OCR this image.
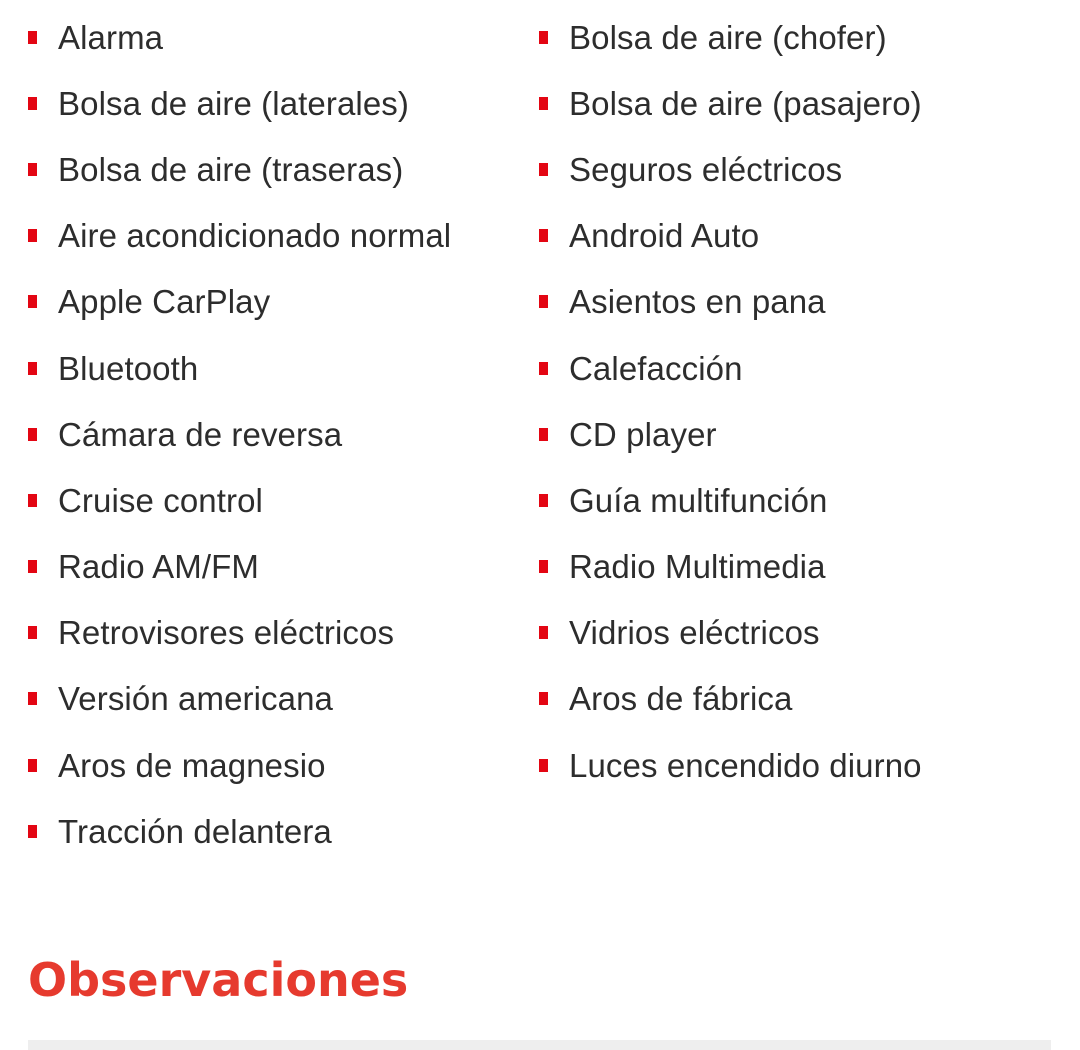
Alarma
Bolsa de aire (laterales)
Bolsa de aire (traseras)
Aire acondicionado normal
Apple CarPlay
Bluetooth
Cámara de reversa
Cruise control
Radio AM/FM
Retrovisores eléctricos
Versión americana
Aros de magnesio
Tracción delantera
Bolsa de aire (chofer)
Bolsa de aire (pasajero)
Seguros eléctricos
Android Auto
Asientos en pana
Calefacción
CD player
Guía multifunción
Radio Multimedia
Vidrios eléctricos
Aros de fábrica
Luces encendido diurno
Observaciones
